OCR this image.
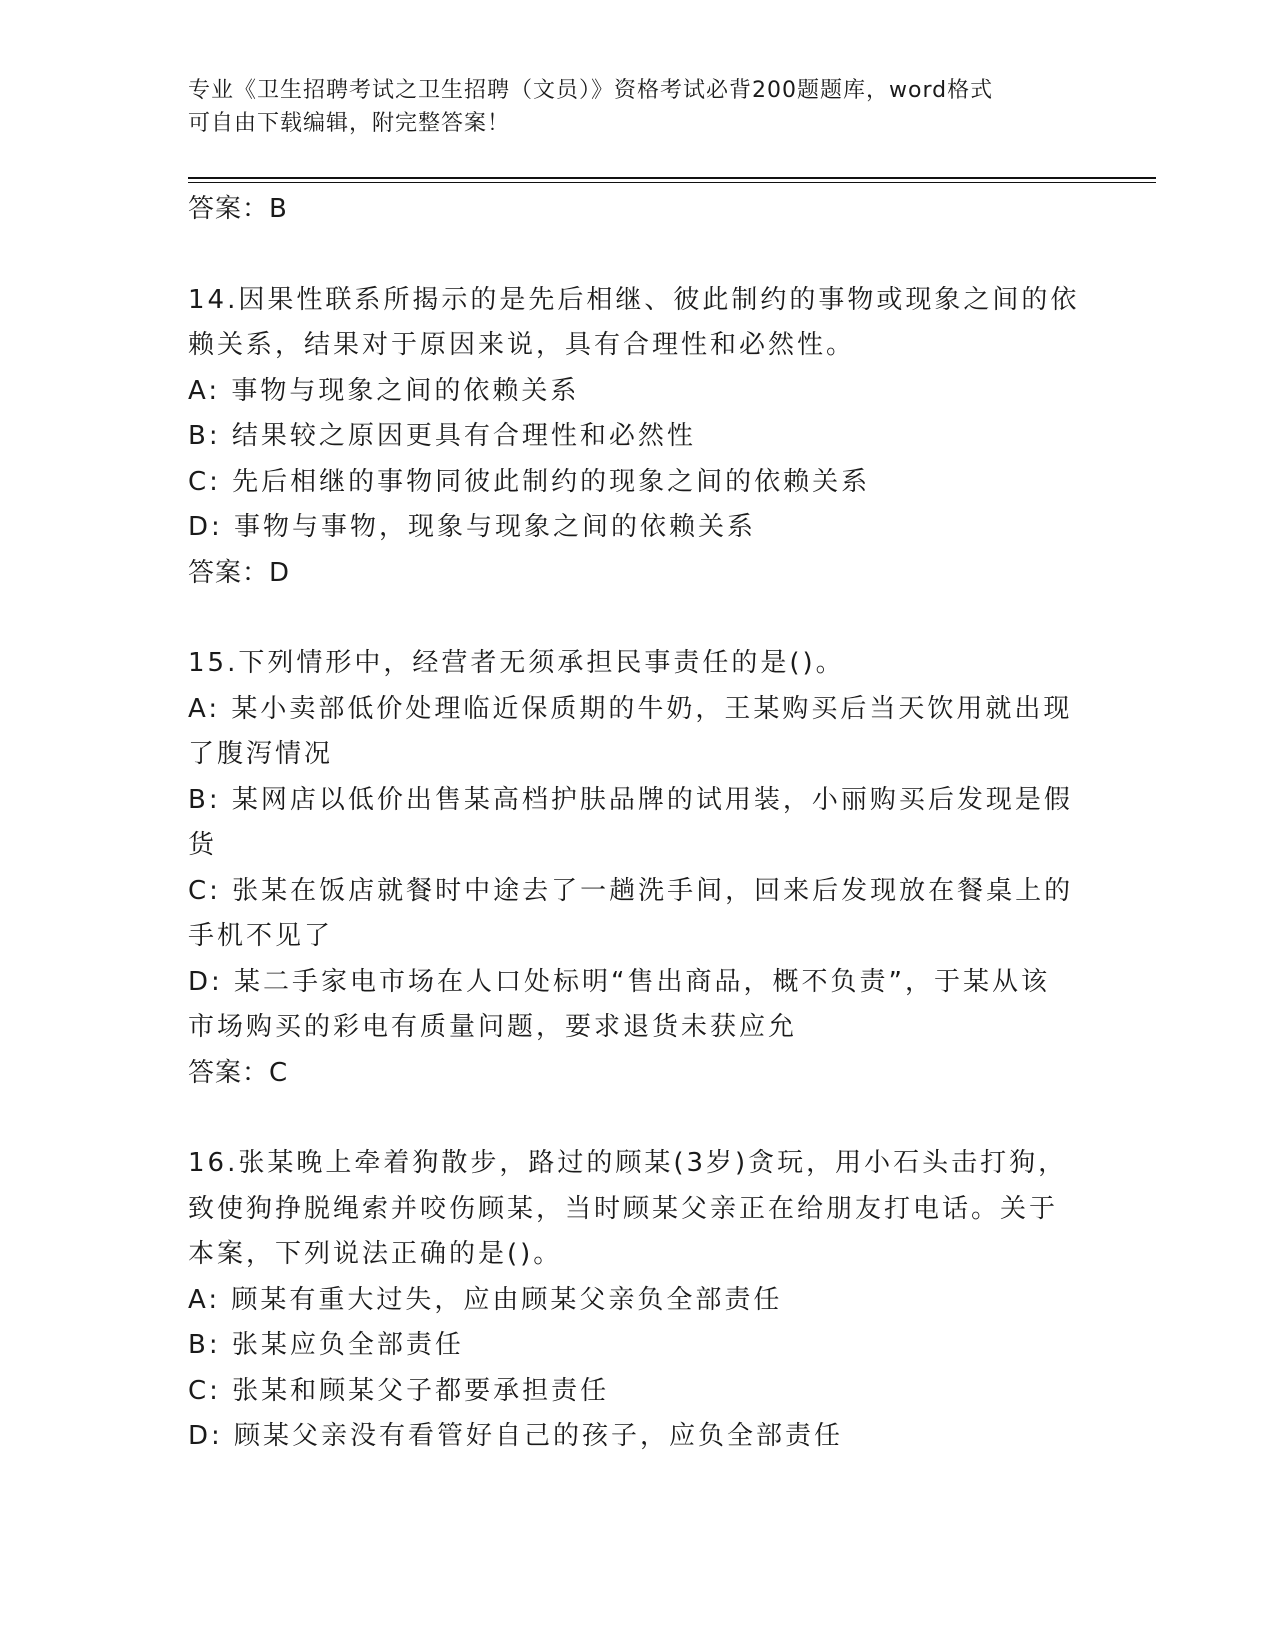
专业《卫生招聘考试之卫生招聘（文员）》资格考试必背200题题库，word格式
可自由下载编辑，附完整答案！
答案：B
14.因果性联系所揭示的是先后相继、彼此制约的事物或现象之间的依
赖关系，结果对于原因来说，具有合理性和必然性。
A: 事物与现象之间的依赖关系
B: 结果较之原因更具有合理性和必然性
C: 先后相继的事物同彼此制约的现象之间的依赖关系
D: 事物与事物，现象与现象之间的依赖关系
答案：D
15.下列情形中，经营者无须承担民事责任的是()。
A: 某小卖部低价处理临近保质期的牛奶，王某购买后当天饮用就出现
了腹泻情况
B: 某网店以低价出售某高档护肤品牌的试用装，小丽购买后发现是假
货
C: 张某在饭店就餐时中途去了一趟洗手间，回来后发现放在餐桌上的
手机不见了
D: 某二手家电市场在人口处标明“售出商品，概不负责”，于某从该
市场购买的彩电有质量问题，要求退货未获应允
答案：C
16.张某晚上牵着狗散步，路过的顾某(3岁)贪玩，用小石头击打狗，
致使狗挣脱绳索并咬伤顾某，当时顾某父亲正在给朋友打电话。关于
本案，下列说法正确的是()。
A: 顾某有重大过失，应由顾某父亲负全部责任
B: 张某应负全部责任
C: 张某和顾某父子都要承担责任
D: 顾某父亲没有看管好自己的孩子，应负全部责任
